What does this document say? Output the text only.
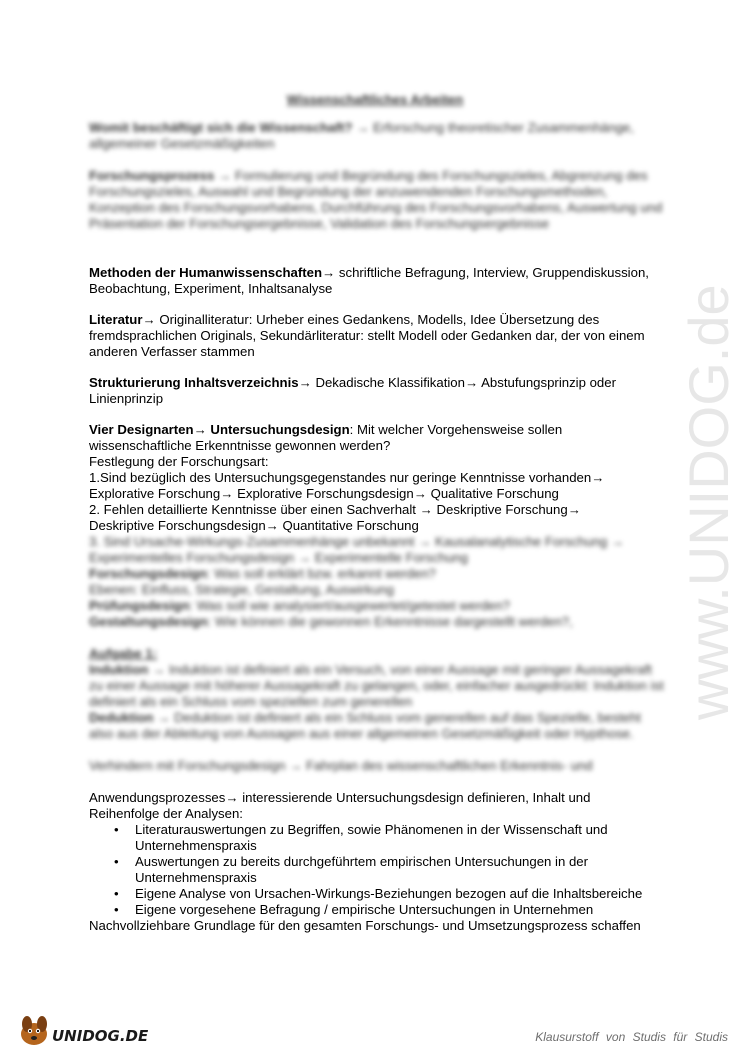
Wissenschaftliches Arbeiten
Womit beschäftigt sich die Wissenschaft? → Erforschung theoretischer Zusammenhänge, allgemeiner Gesetzmäßigkeiten
Forschungsprozess → Formulierung und Begründung des Forschungszieles, Abgrenzung des Forschungszieles, Auswahl und Begründung der anzuwendenden Forschungsmethoden, Konzeption des Forschungsvorhabens, Durchführung des Forschungsvorhabens, Auswertung und Präsentation der Forschungsergebnisse, Validation des Forschungsergebnisse
Methoden der Humanwissenschaften→ schriftliche Befragung, Interview, Gruppendiskussion, Beobachtung, Experiment, Inhaltsanalyse
Literatur→ Originalliteratur: Urheber eines Gedankens, Modells, Idee Übersetzung des fremdsprachlichen Originals, Sekundärliteratur: stellt Modell oder Gedanken dar, der von einem anderen Verfasser stammen
Strukturierung Inhaltsverzeichnis→ Dekadische Klassifikation→ Abstufungsprinzip oder Linienprinzip
Vier Designarten→ Untersuchungsdesign: Mit welcher Vorgehensweise sollen wissenschaftliche Erkenntnisse gewonnen werden?
Festlegung der Forschungsart:
1.Sind bezüglich des Untersuchungsgegenstandes nur geringe Kenntnisse vorhanden→
Explorative Forschung→ Explorative Forschungsdesign→ Qualitative Forschung
2. Fehlen detaillierte Kenntnisse über einen Sachverhalt → Deskriptive Forschung→
Deskriptive Forschungsdesign→ Quantitative Forschung
3. Sind Ursache-Wirkungs-Zusammenhänge unbekannt → Kausalanalytische Forschung → Experimentelles Forschungsdesign → Experimentelle Forschung
Forschungsdesign: Was soll erklärt bzw. erkannt werden?
Ebenen: Einfluss, Strategie, Gestaltung, Auswirkung
Prüfungsdesign: Was soll wie analysiert/ausgewertet/getestet werden?
Gestaltungsdesign: Wie können die gewonnen Erkenntnisse dargestellt werden?,
Aufgabe 1:
Induktion → Induktion ist definiert als ein Versuch, von einer Aussage mit geringer Aussagekraft zu einer Aussage mit höherer Aussagekraft zu gelangen, oder, einfacher ausgedrückt: Induktion ist definiert als ein Schluss vom speziellen zum generellen
Deduktion → Deduktion ist definiert als ein Schluss vom generellen auf das Spezielle, besteht also aus der Ableitung von Aussagen aus einer allgemeinen Gesetzmäßigkeit oder Hypthose.
Verhindern mit Forschungsdesign → Fahrplan des wissenschaftlichen Erkenntnis- und
Anwendungsprozesses→ interessierende Untersuchungsdesign definieren, Inhalt und Reihenfolge der Analysen:
• Literaturauswertungen zu Begriffen, sowie Phänomenen in der Wissenschaft und Unternehmenspraxis
• Auswertungen zu bereits durchgeführtem empirischen Untersuchungen in der Unternehmenspraxis
• Eigene Analyse von Ursachen-Wirkungs-Beziehungen bezogen auf die Inhaltsbereiche
• Eigene vorgesehene Befragung / empirische Untersuchungen in Unternehmen
Nachvollziehbare Grundlage für den gesamten Forschungs- und Umsetzungsprozess schaffen
www.UNIDOG.de
UNIDOG.DE	Klausurstoff von Studis für Studis
